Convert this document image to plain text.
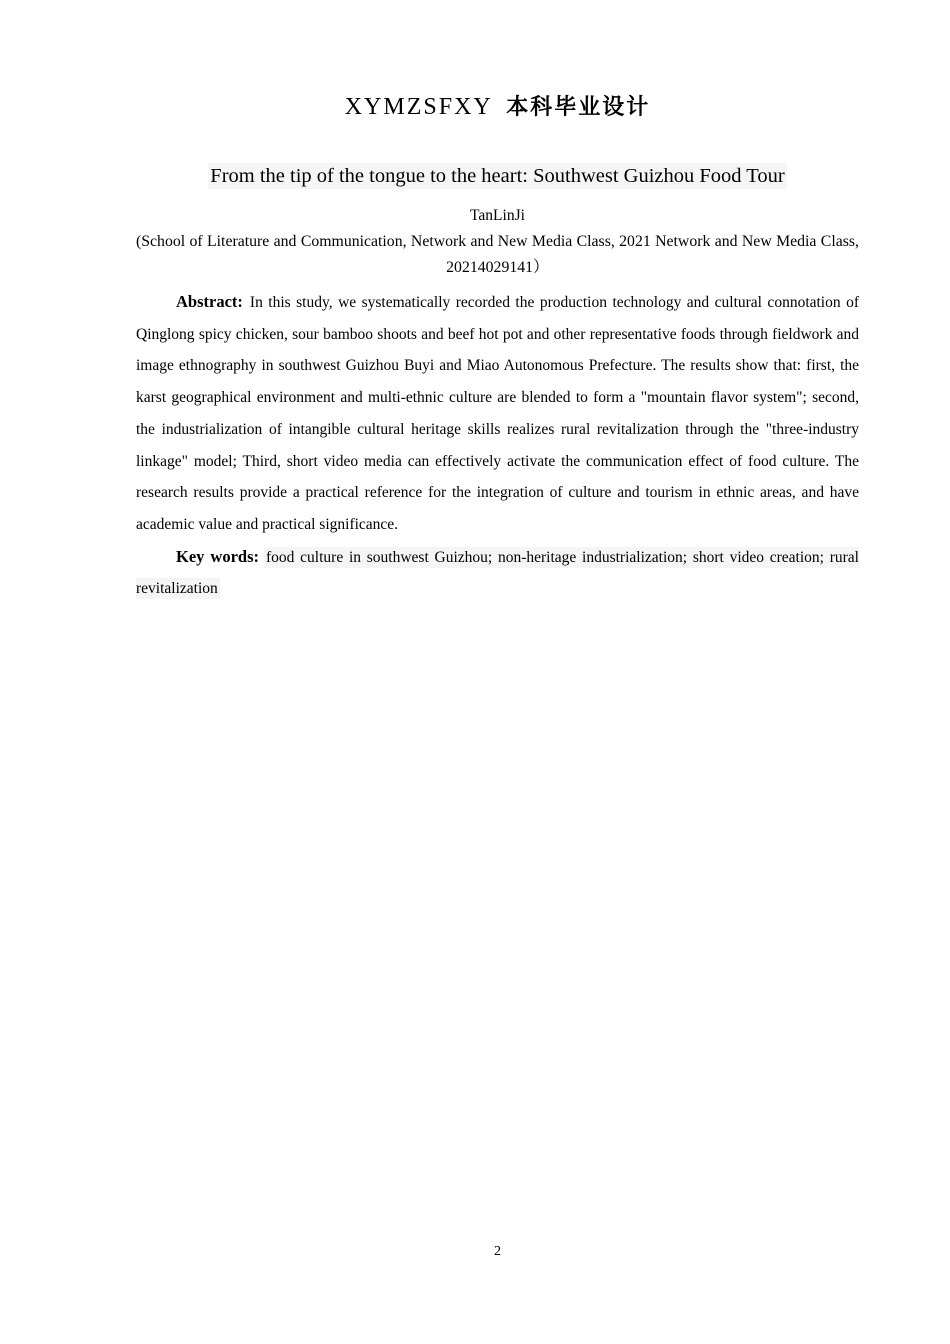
XYMZSFXY 本科毕业设计
From the tip of the tongue to the heart: Southwest Guizhou Food Tour
TanLinJi
(School of Literature and Communication, Network and New Media Class, 2021 Network and New Media Class, 20214029141）

Abstract: In this study, we systematically recorded the production technology and cultural connotation of Qinglong spicy chicken, sour bamboo shoots and beef hot pot and other representative foods through fieldwork and image ethnography in southwest Guizhou Buyi and Miao Autonomous Prefecture. The results show that: first, the karst geographical environment and multi-ethnic culture are blended to form a "mountain flavor system"; second, the industrialization of intangible cultural heritage skills realizes rural revitalization through the "three-industry linkage" model; Third, short video media can effectively activate the communication effect of food culture. The research results provide a practical reference for the integration of culture and tourism in ethnic areas, and have academic value and practical significance.

Key words: food culture in southwest Guizhou; non-heritage industrialization; short video creation; rural revitalization

2
